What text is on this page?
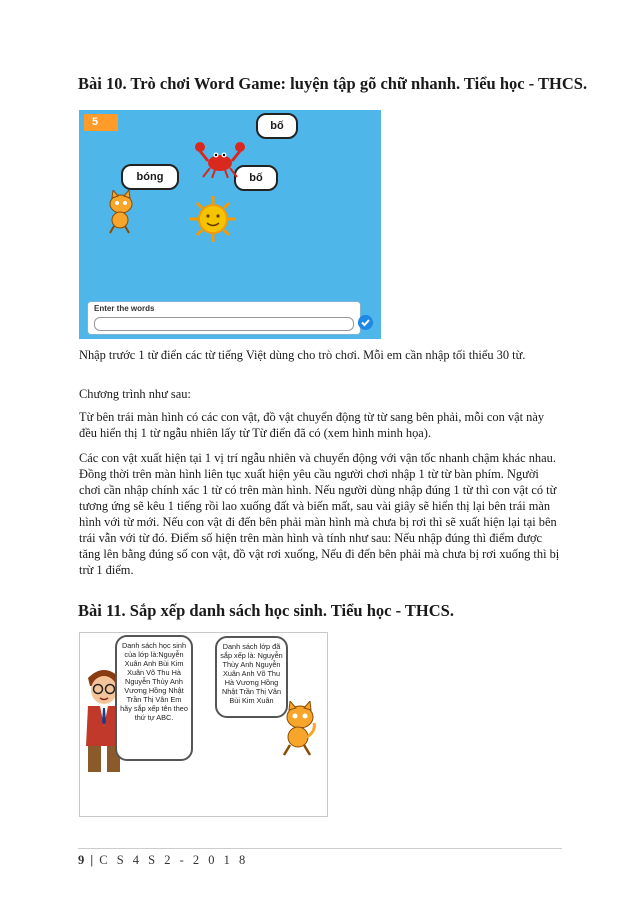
Bài 10. Trò chơi Word Game: luyện tập gõ chữ nhanh. Tiểu học - THCS.
5	bố
bóng	bố
Enter the words

Nhập trước 1 từ điển các từ tiếng Việt dùng cho trò chơi. Mỗi em cần nhập tối thiểu 30 từ.

Chương trình như sau:

Từ bên trái màn hình có các con vật, đồ vật chuyển động từ từ sang bên phải, mỗi con vật này đều hiển thị 1 từ ngẫu nhiên lấy từ Từ điển đã có (xem hình minh họa).

Các con vật xuất hiện tại 1 vị trí ngẫu nhiên và chuyển động với vận tốc nhanh chậm khác nhau.
Đồng thời trên màn hình liên tục xuất hiện yêu cầu người chơi nhập 1 từ từ bàn phím. Người chơi cần nhập chính xác 1 từ có trên màn hình. Nếu người dùng nhập đúng 1 từ thì con vật có từ tương ứng sẽ kêu 1 tiếng rồi lao xuống đất và biến mất, sau vài giây sẽ hiển thị lại bên trái màn hình với từ mới. Nếu con vật đi đến bên phải màn hình mà chưa bị rơi thì sẽ xuất hiện lại tại bên trái vẫn với từ đó. Điểm số hiện trên màn hình và tính như sau: Nếu nhập đúng thì điểm được tăng lên bằng đúng số con vật, đồ vật rơi xuống, Nếu đi đến bên phải mà chưa bị rơi xuống thì bị trừ 1 điểm.

Bài 11. Sắp xếp danh sách học sinh. Tiểu học - THCS.
Danh sách học sinh của lớp là:Nguyễn Xuân Anh Bùi Kim Xuân Võ Thu Hà Nguyễn Thùy Anh Vương Hồng Nhật Trần Thị Vân Em hãy sắp xếp tên theo thứ tự ABC.
Danh sách lớp đã sắp xếp là: Nguyễn Thùy Anh Nguyễn Xuân Anh Võ Thu Hà Vương Hồng Nhật Trần Thị Vân Bùi Kim Xuân
9 | C S 4 S 2 - 2 0 1 8
